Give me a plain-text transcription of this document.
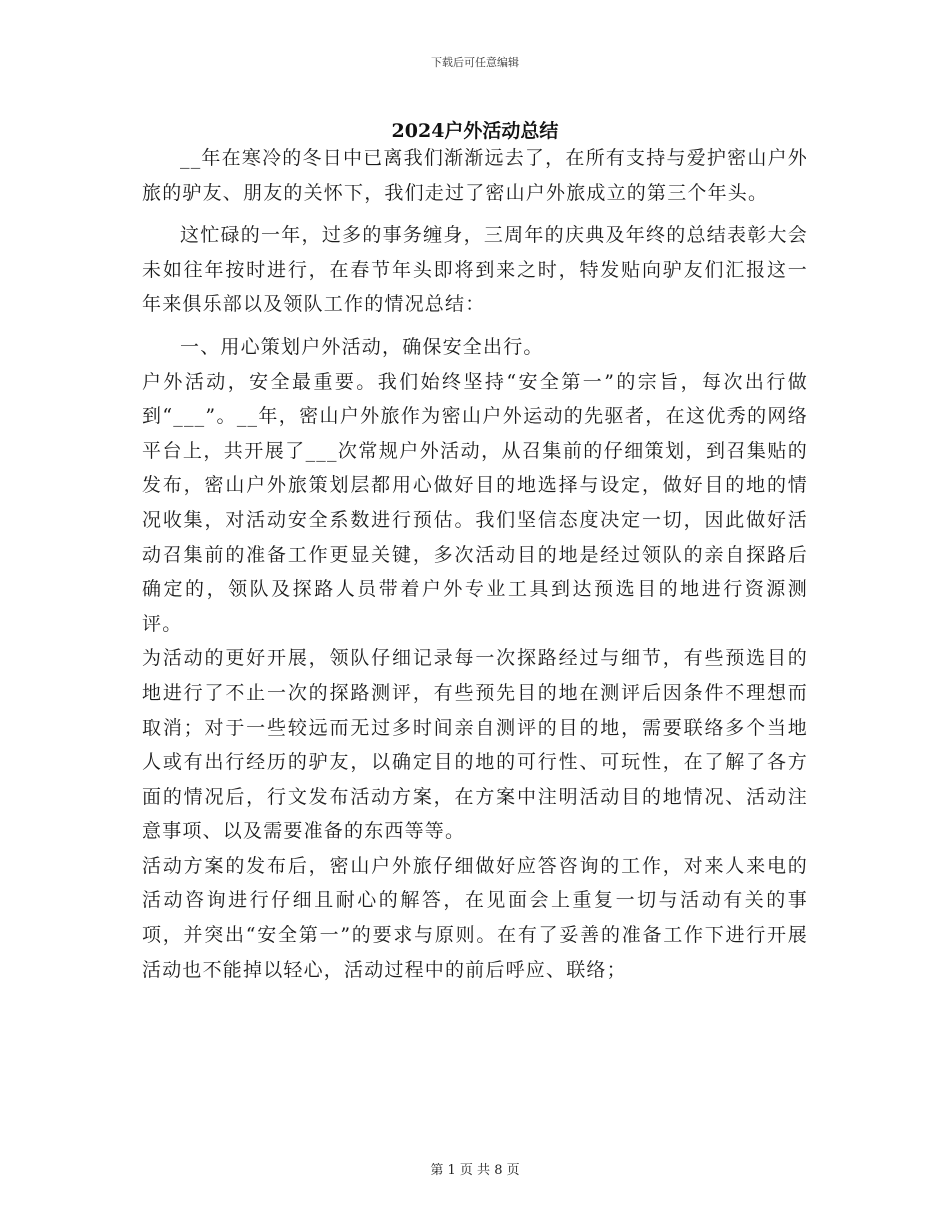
下载后可任意编辑
2024户外活动总结

__年在寒冷的冬日中已离我们渐渐远去了，在所有支持与爱护密山户外旅的驴友、朋友的关怀下，我们走过了密山户外旅成立的第三个年头。

这忙碌的一年，过多的事务缠身，三周年的庆典及年终的总结表彰大会未如往年按时进行，在春节年头即将到来之时，特发贴向驴友们汇报这一年来俱乐部以及领队工作的情况总结：

一、用心策划户外活动，确保安全出行。

户外活动，安全最重要。我们始终坚持“安全第一”的宗旨，每次出行做到“___”。__年，密山户外旅作为密山户外运动的先驱者，在这优秀的网络平台上，共开展了___次常规户外活动，从召集前的仔细策划，到召集贴的发布，密山户外旅策划层都用心做好目的地选择与设定，做好目的地的情况收集，对活动安全系数进行预估。我们坚信态度决定一切，因此做好活动召集前的准备工作更显关键，多次活动目的地是经过领队的亲自探路后确定的，领队及探路人员带着户外专业工具到达预选目的地进行资源测评。

为活动的更好开展，领队仔细记录每一次探路经过与细节，有些预选目的地进行了不止一次的探路测评，有些预先目的地在测评后因条件不理想而取消；对于一些较远而无过多时间亲自测评的目的地，需要联络多个当地人或有出行经历的驴友，以确定目的地的可行性、可玩性，在了解了各方面的情况后，行文发布活动方案，在方案中注明活动目的地情况、活动注意事项、以及需要准备的东西等等。

活动方案的发布后，密山户外旅仔细做好应答咨询的工作，对来人来电的活动咨询进行仔细且耐心的解答，在见面会上重复一切与活动有关的事项，并突出“安全第一”的要求与原则。在有了妥善的准备工作下进行开展活动也不能掉以轻心，活动过程中的前后呼应、联络；

第 1 页 共 8 页
